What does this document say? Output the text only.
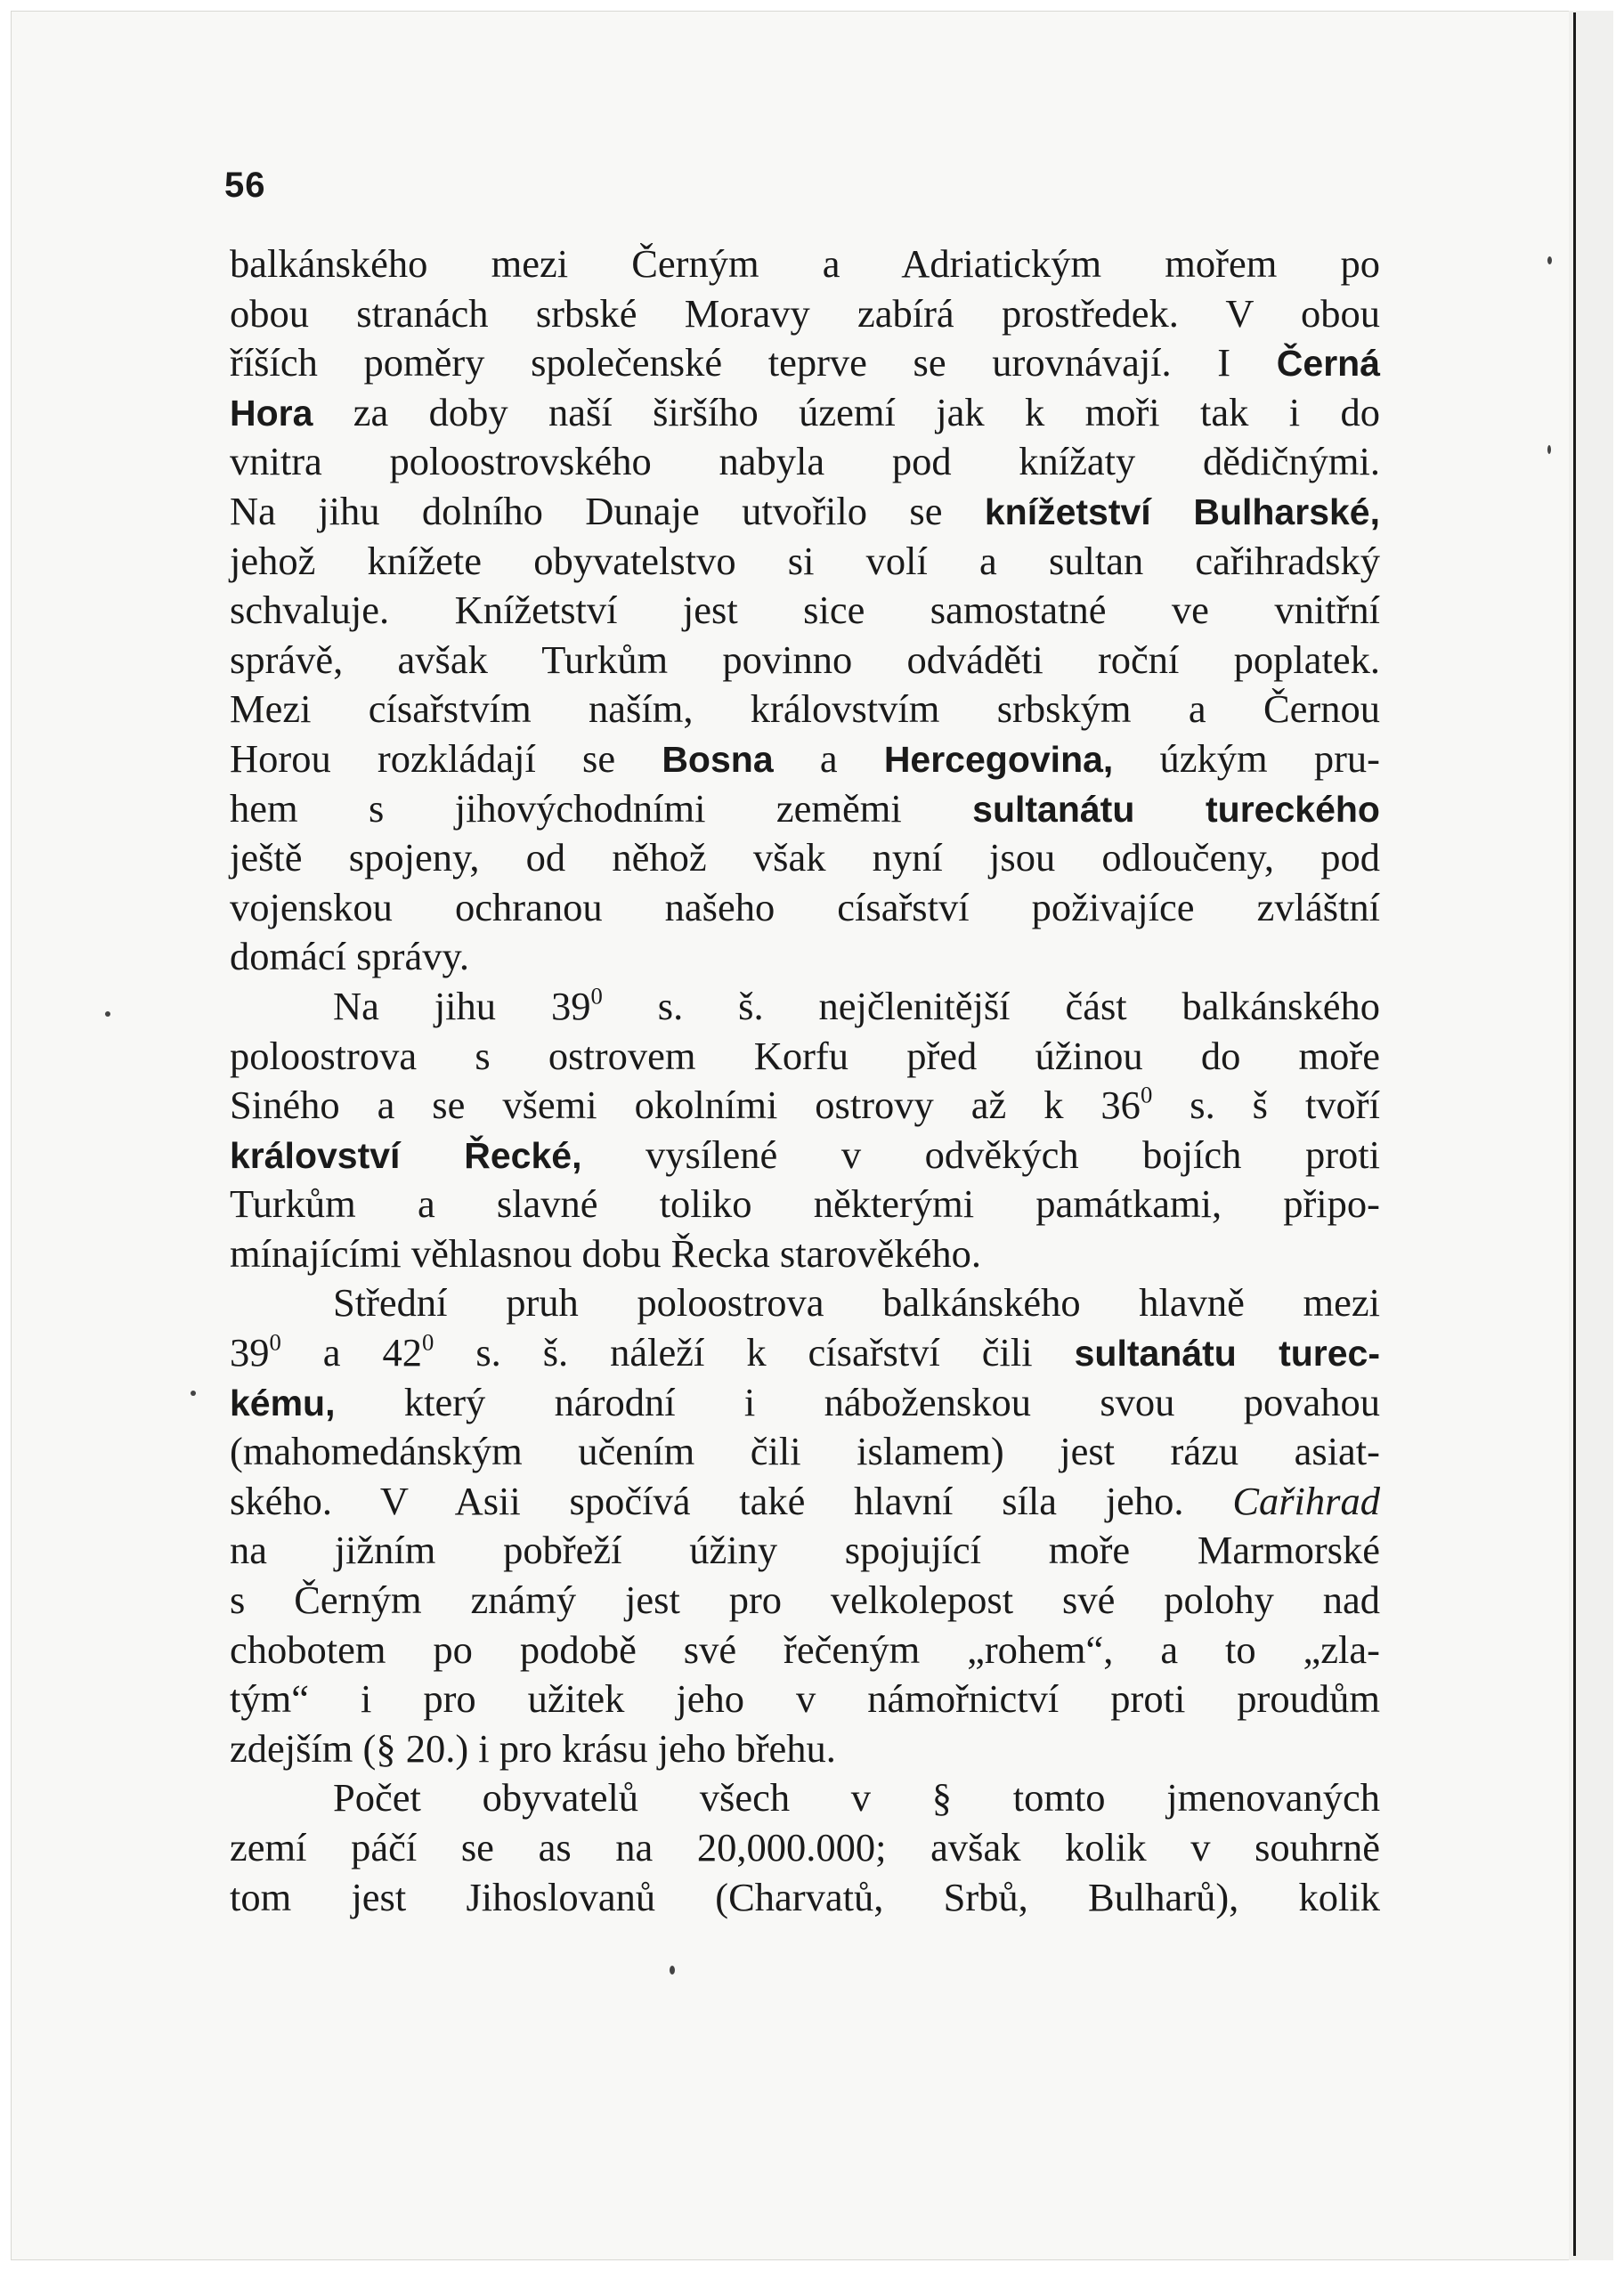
56
balkánského mezi Černým a Adriatickým mořem po
obou stranách srbské Moravy zabírá prostředek. V obou
říších poměry společenské teprve se urovnávají. I Černá
Hora za doby naší širšího území jak k moři tak i do
vnitra poloostrovského nabyla pod knížaty dědičnými.
Na jihu dolního Dunaje utvořilo se knížetství Bulharské,
jehož knížete obyvatelstvo si volí a sultan cařihradský
schvaluje. Knížetství jest sice samostatné ve vnitřní
správě, avšak Turkům povinno odváděti roční poplatek.
Mezi císařstvím naším, královstvím srbským a Černou
Horou rozkládají se Bosna a Hercegovina, úzkým pru-
hem s jihovýchodními zeměmi sultanátu tureckého
ještě spojeny, od něhož však nyní jsou odloučeny, pod
vojenskou ochranou našeho císařství poživajíce zvláštní
domácí správy.
Na jihu $39^0$ s. š. nejčlenitější část balkánského
poloostrova s ostrovem Korfu před úžinou do moře
Siného a se všemi okolními ostrovy až k $36^0$ s. š tvoří
království Řecké, vysílené v odvěkých bojích proti
Turkům a slavné toliko některými památkami, připo-
mínajícími věhlasnou dobu Řecka starověkého.
Střední pruh poloostrova balkánského hlavně mezi
$39^0$ a $42^0$ s. š. náleží k císařství čili sultanátu turec-
kému, který národní i náboženskou svou povahou
(mahomedánským učením čili islamem) jest rázu asiat-
ského. V Asii spočívá také hlavní síla jeho. Cařihrad
na jižním pobřeží úžiny spojující moře Marmorské
s Černým známý jest pro velkolepost své polohy nad
chobotem po podobě své řečeným „rohem“, a to „zla-
tým“ i pro užitek jeho v námořnictví proti proudům
zdejším (§ 20.) i pro krásu jeho břehu.
Počet obyvatelů všech v § tomto jmenovaných
zemí páčí se as na 20,000.000; avšak kolik v souhrně
tom jest Jihoslovanů (Charvatů, Srbů, Bulharů), kolik
